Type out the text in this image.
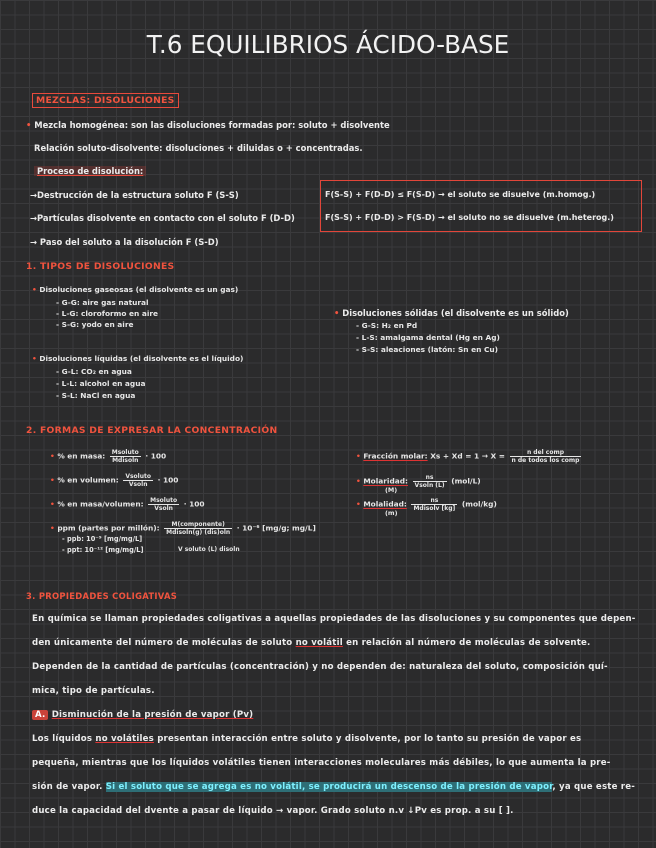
T.6 EQUILIBRIOS ÁCIDO-BASE
MEZCLAS: DISOLUCIONES
• Mezcla homogénea: son las disoluciones formadas por: soluto + disolvente
Relación soluto-disolvente: disoluciones + diluidas o + concentradas.
Proceso de disolución:
→Destrucción de la estructura soluto F (S-S)
→Partículas disolvente en contacto con el soluto F (D-D)
→ Paso del soluto a la disolución F (S-D)
F(S-S) + F(D-D) ≤ F(S-D) → el soluto se disuelve (m.homog.)
F(S-S) + F(D-D) > F(S-D) → el soluto no se disuelve (m.heterog.)
1. TIPOS DE DISOLUCIONES
• Disoluciones gaseosas (el disolvente es un gas)
- G-G: aire gas natural
- L-G: cloroformo en aire
- S-G: yodo en aire
• Disoluciones líquidas (el disolvente es el líquido)
- G-L: CO₂ en agua
- L-L: alcohol en agua
- S-L: NaCl en agua
• Disoluciones sólidas (el disolvente es un sólido)
- G-S: H₂ en Pd
- L-S: amalgama dental (Hg en Ag)
- S-S: aleaciones (latón: Sn en Cu)
2. FORMAS DE EXPRESAR LA CONCENTRACIÓN
• % en masa: $\frac{\text{Msoluto}}{\text{Mdisoln}} \cdot 100$
• % en volumen: $\frac{\text{Vsoluto}}{\text{Vsoln}} \cdot 100$
• % en masa/volumen: $\frac{\text{Msoluto}}{\text{Vsoln}} \cdot 100$
• ppm (partes por millón): $\frac{\text{M(componente)}}{\text{Mdisoln(g) (dis)oln}} \cdot 10^{-6}$ [mg/g; mg/L]
- ppb: 10⁻⁹ [mg/mg/L]
- ppt: 10⁻¹² [mg/mg/L]	V soluto (L) disoln
• Fracción molar: $Xs + Xd = 1 \to X = \frac{\text{n del comp}}{\text{n de todos los comp}}$
• Molaridad: $\frac{ns}{\text{Vsoln (L)}} (mol/L)$
(M)
• Molalidad: $\frac{ns}{\text{Mdisolv [kg]}} (mol/kg)$
(m)
3. PROPIEDADES COLIGATIVAS
En química se llaman propiedades coligativas a aquellas propiedades de las disoluciones y su componentes que depen-
den únicamente del número de moléculas de soluto no volátil en relación al número de moléculas de solvente.
Dependen de la cantidad de partículas (concentración) y no dependen de: naturaleza del soluto, composición quí-
mica, tipo de partículas.
A. Disminución de la presión de vapor (Pv)
Los líquidos no volátiles presentan interacción entre soluto y disolvente, por lo tanto su presión de vapor es
pequeña, mientras que los líquidos volátiles tienen interacciones moleculares más débiles, lo que aumenta la pre-
sión de vapor. Si el soluto que se agrega es no volátil, se producirá un descenso de la presión de vapor, ya que este re-
duce la capacidad del dvente a pasar de líquido → vapor. Grado soluto n.v ↓Pv es prop. a su [ ].
